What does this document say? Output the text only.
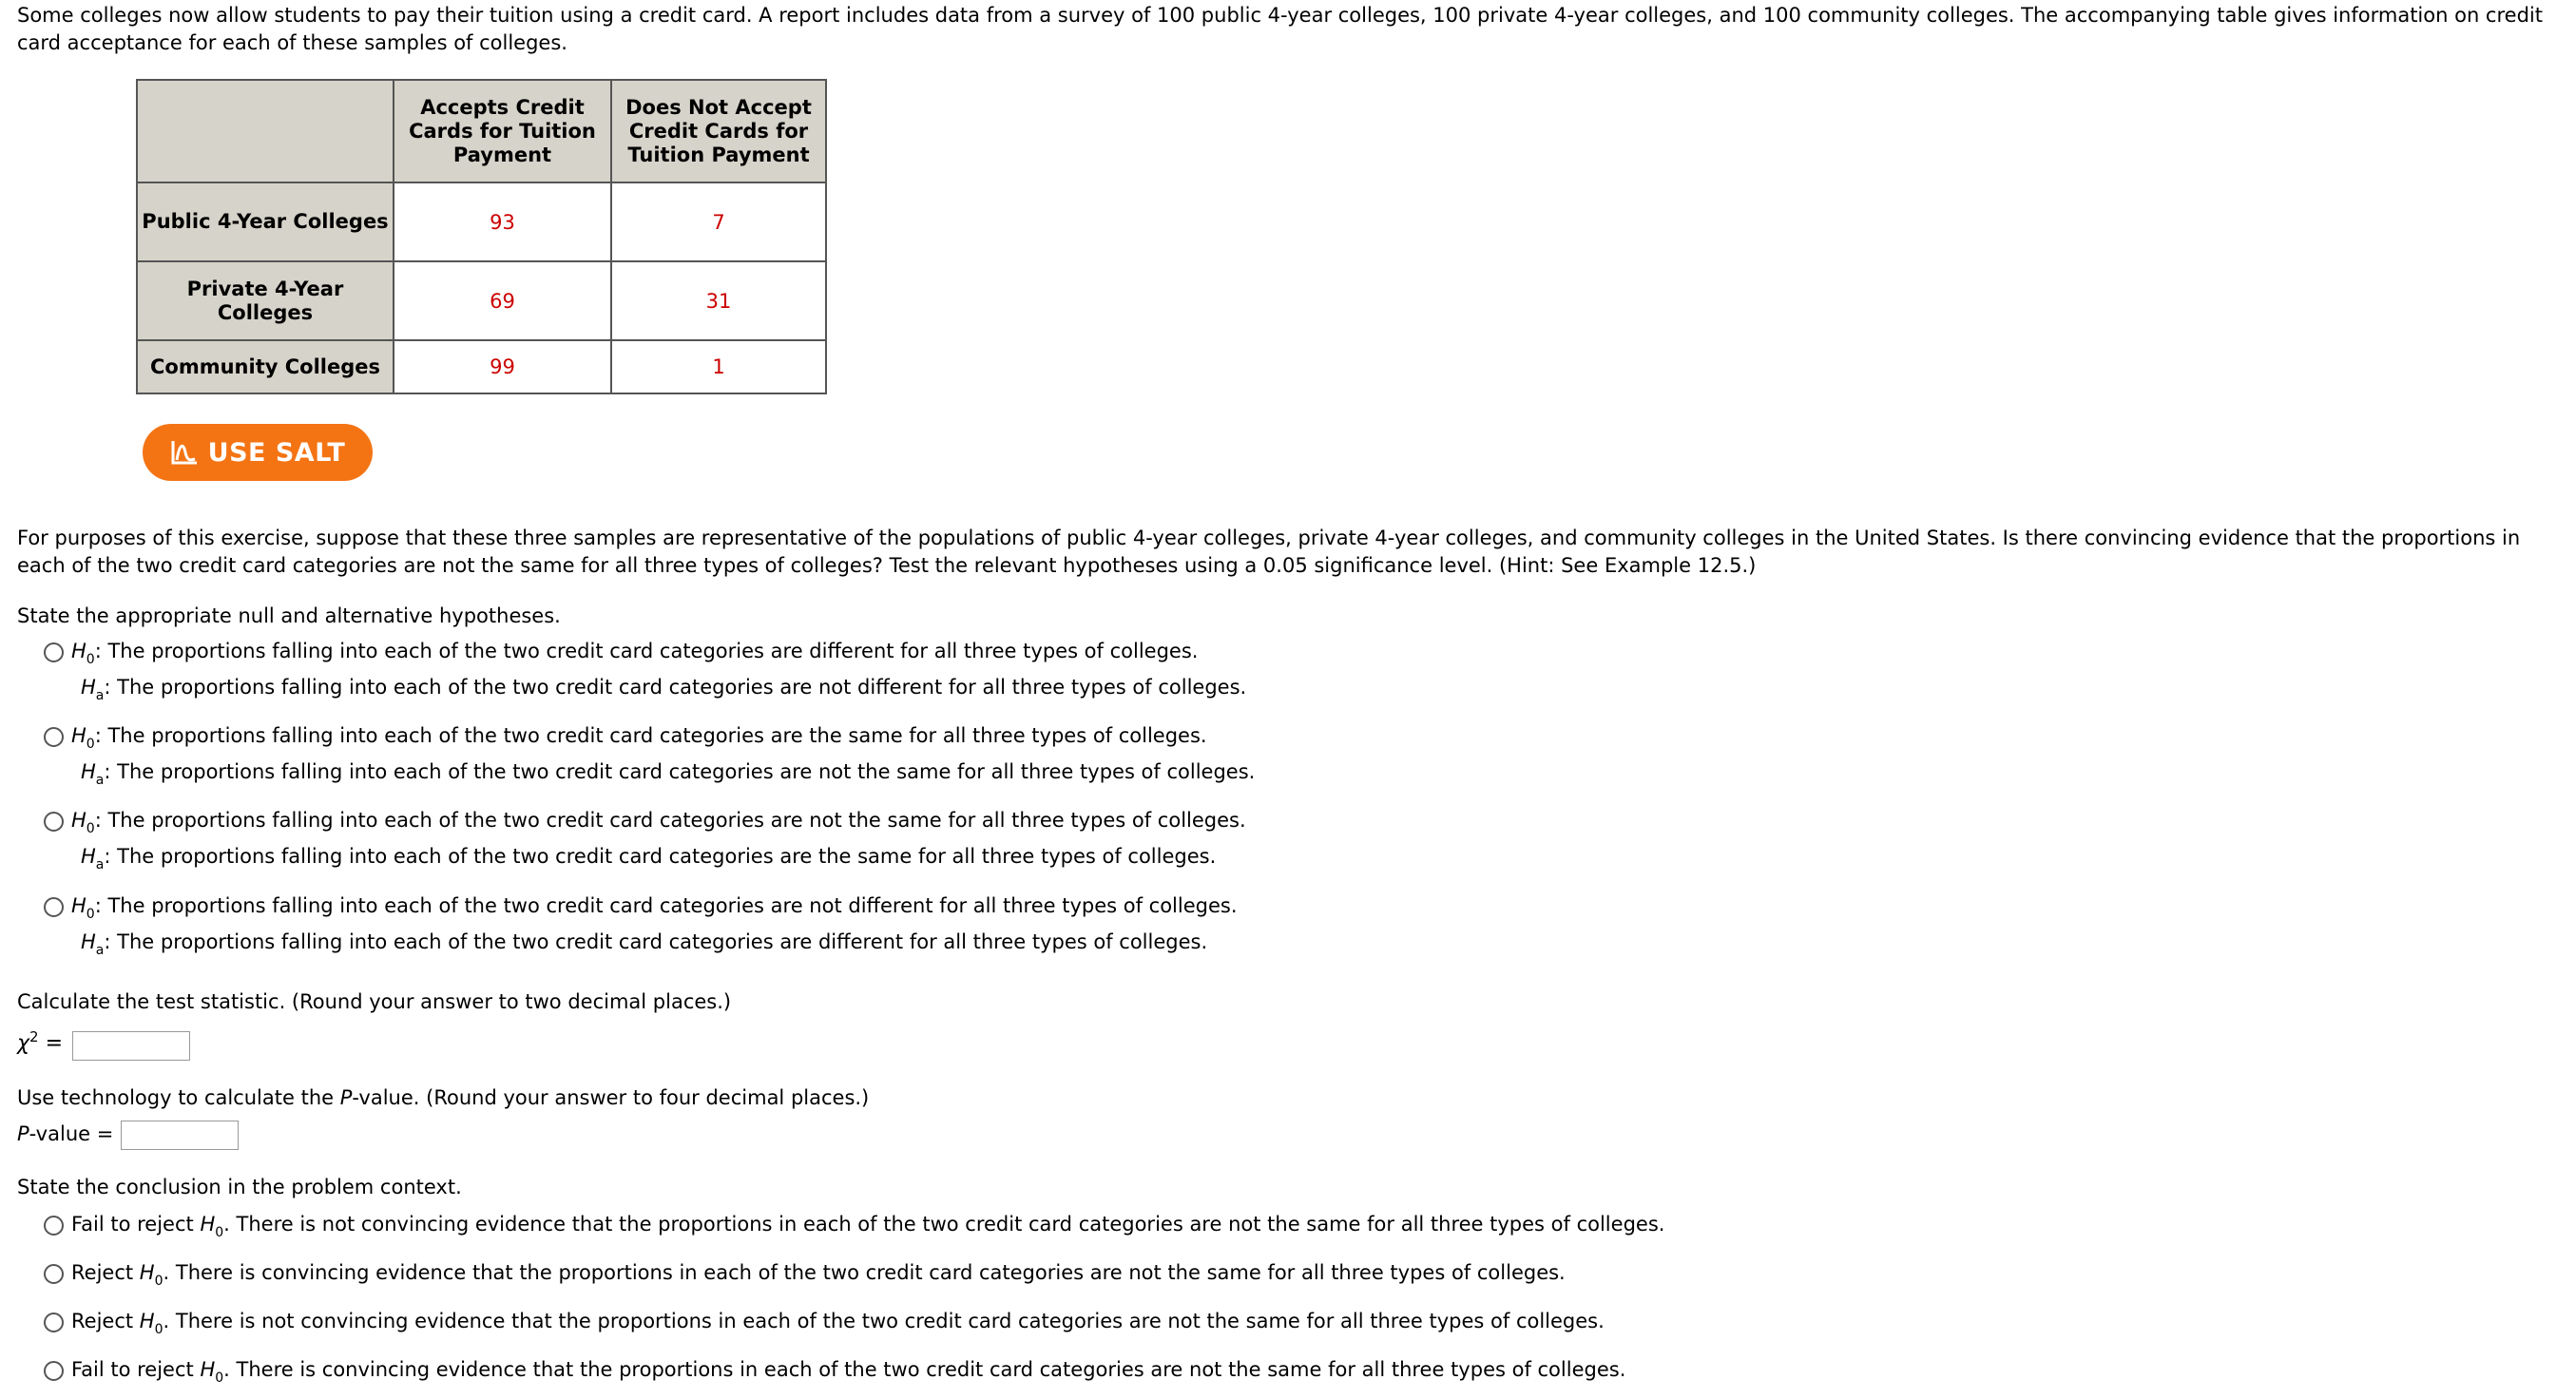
Some colleges now allow students to pay their tuition using a credit card. A report includes data from a survey of 100 public 4-year colleges, 100 private 4-year colleges, and 100 community colleges. The accompanying table gives information on credit card acceptance for each of these samples of colleges.

	Accepts Credit Cards for Tuition Payment	Does Not Accept Credit Cards for Tuition Payment
Public 4-Year Colleges	93	7
Private 4-Year Colleges	69	31
Community Colleges	99	1
USE SALT

For purposes of this exercise, suppose that these three samples are representative of the populations of public 4-year colleges, private 4-year colleges, and community colleges in the United States. Is there convincing evidence that the proportions in each of the two credit card categories are not the same for all three types of colleges? Test the relevant hypotheses using a 0.05 significance level. (Hint: See Example 12.5.)

State the appropriate null and alternative hypotheses.

$H_0$: The proportions falling into each of the two credit card categories are different for all three types of colleges.
$H_a$: The proportions falling into each of the two credit card categories are not different for all three types of colleges.
$H_0$: The proportions falling into each of the two credit card categories are the same for all three types of colleges.
$H_a$: The proportions falling into each of the two credit card categories are not the same for all three types of colleges.
$H_0$: The proportions falling into each of the two credit card categories are not the same for all three types of colleges.
$H_a$: The proportions falling into each of the two credit card categories are the same for all three types of colleges.
$H_0$: The proportions falling into each of the two credit card categories are not different for all three types of colleges.
$H_a$: The proportions falling into each of the two credit card categories are different for all three types of colleges.

Calculate the test statistic. (Round your answer to two decimal places.)

$\chi^2$ =

Use technology to calculate the P-value. (Round your answer to four decimal places.)

P-value =

State the conclusion in the problem context.

Fail to reject $H_0$. There is not convincing evidence that the proportions in each of the two credit card categories are not the same for all three types of colleges.
Reject $H_0$. There is convincing evidence that the proportions in each of the two credit card categories are not the same for all three types of colleges.
Reject $H_0$. There is not convincing evidence that the proportions in each of the two credit card categories are not the same for all three types of colleges.
Fail to reject $H_0$. There is convincing evidence that the proportions in each of the two credit card categories are not the same for all three types of colleges.
